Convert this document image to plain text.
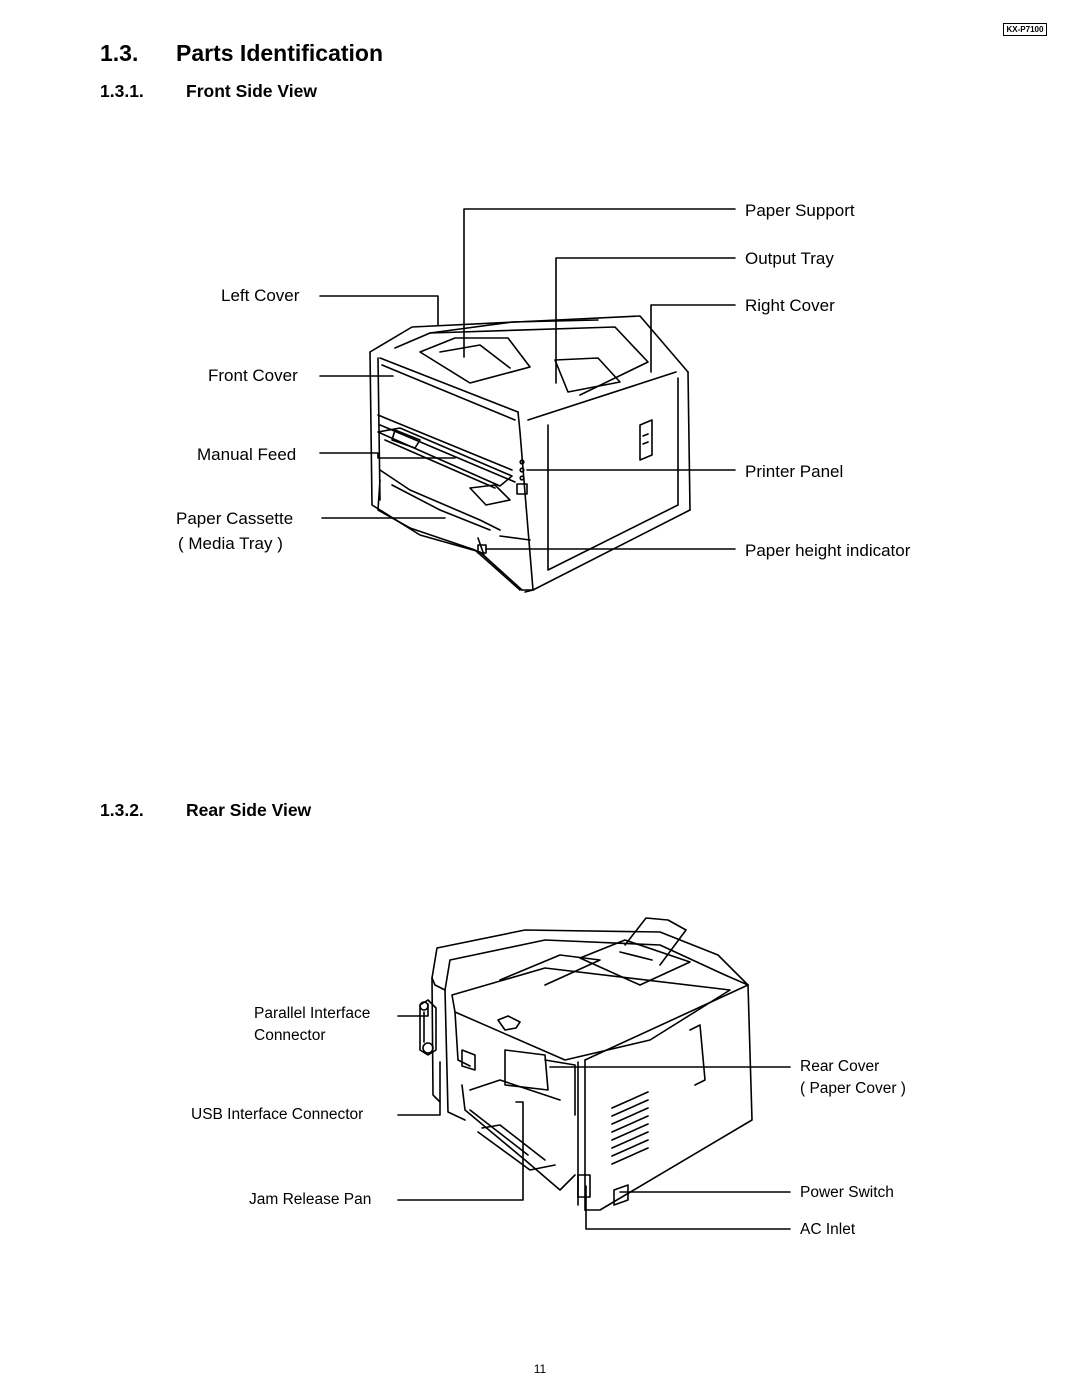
KX-P7100
1.3. Parts Identification
1.3.1. Front Side View
1.3.2. Rear Side View
Paper Support
Output Tray
Left Cover
Right Cover
Front Cover
Manual Feed
Printer Panel
Paper Cassette
( Media Tray )	Paper height indicator
Parallel Interface
Connector
Rear Cover
( Paper Cover )
USB Interface Connector
Power Switch
Jam Release Pan
AC Inlet
11
